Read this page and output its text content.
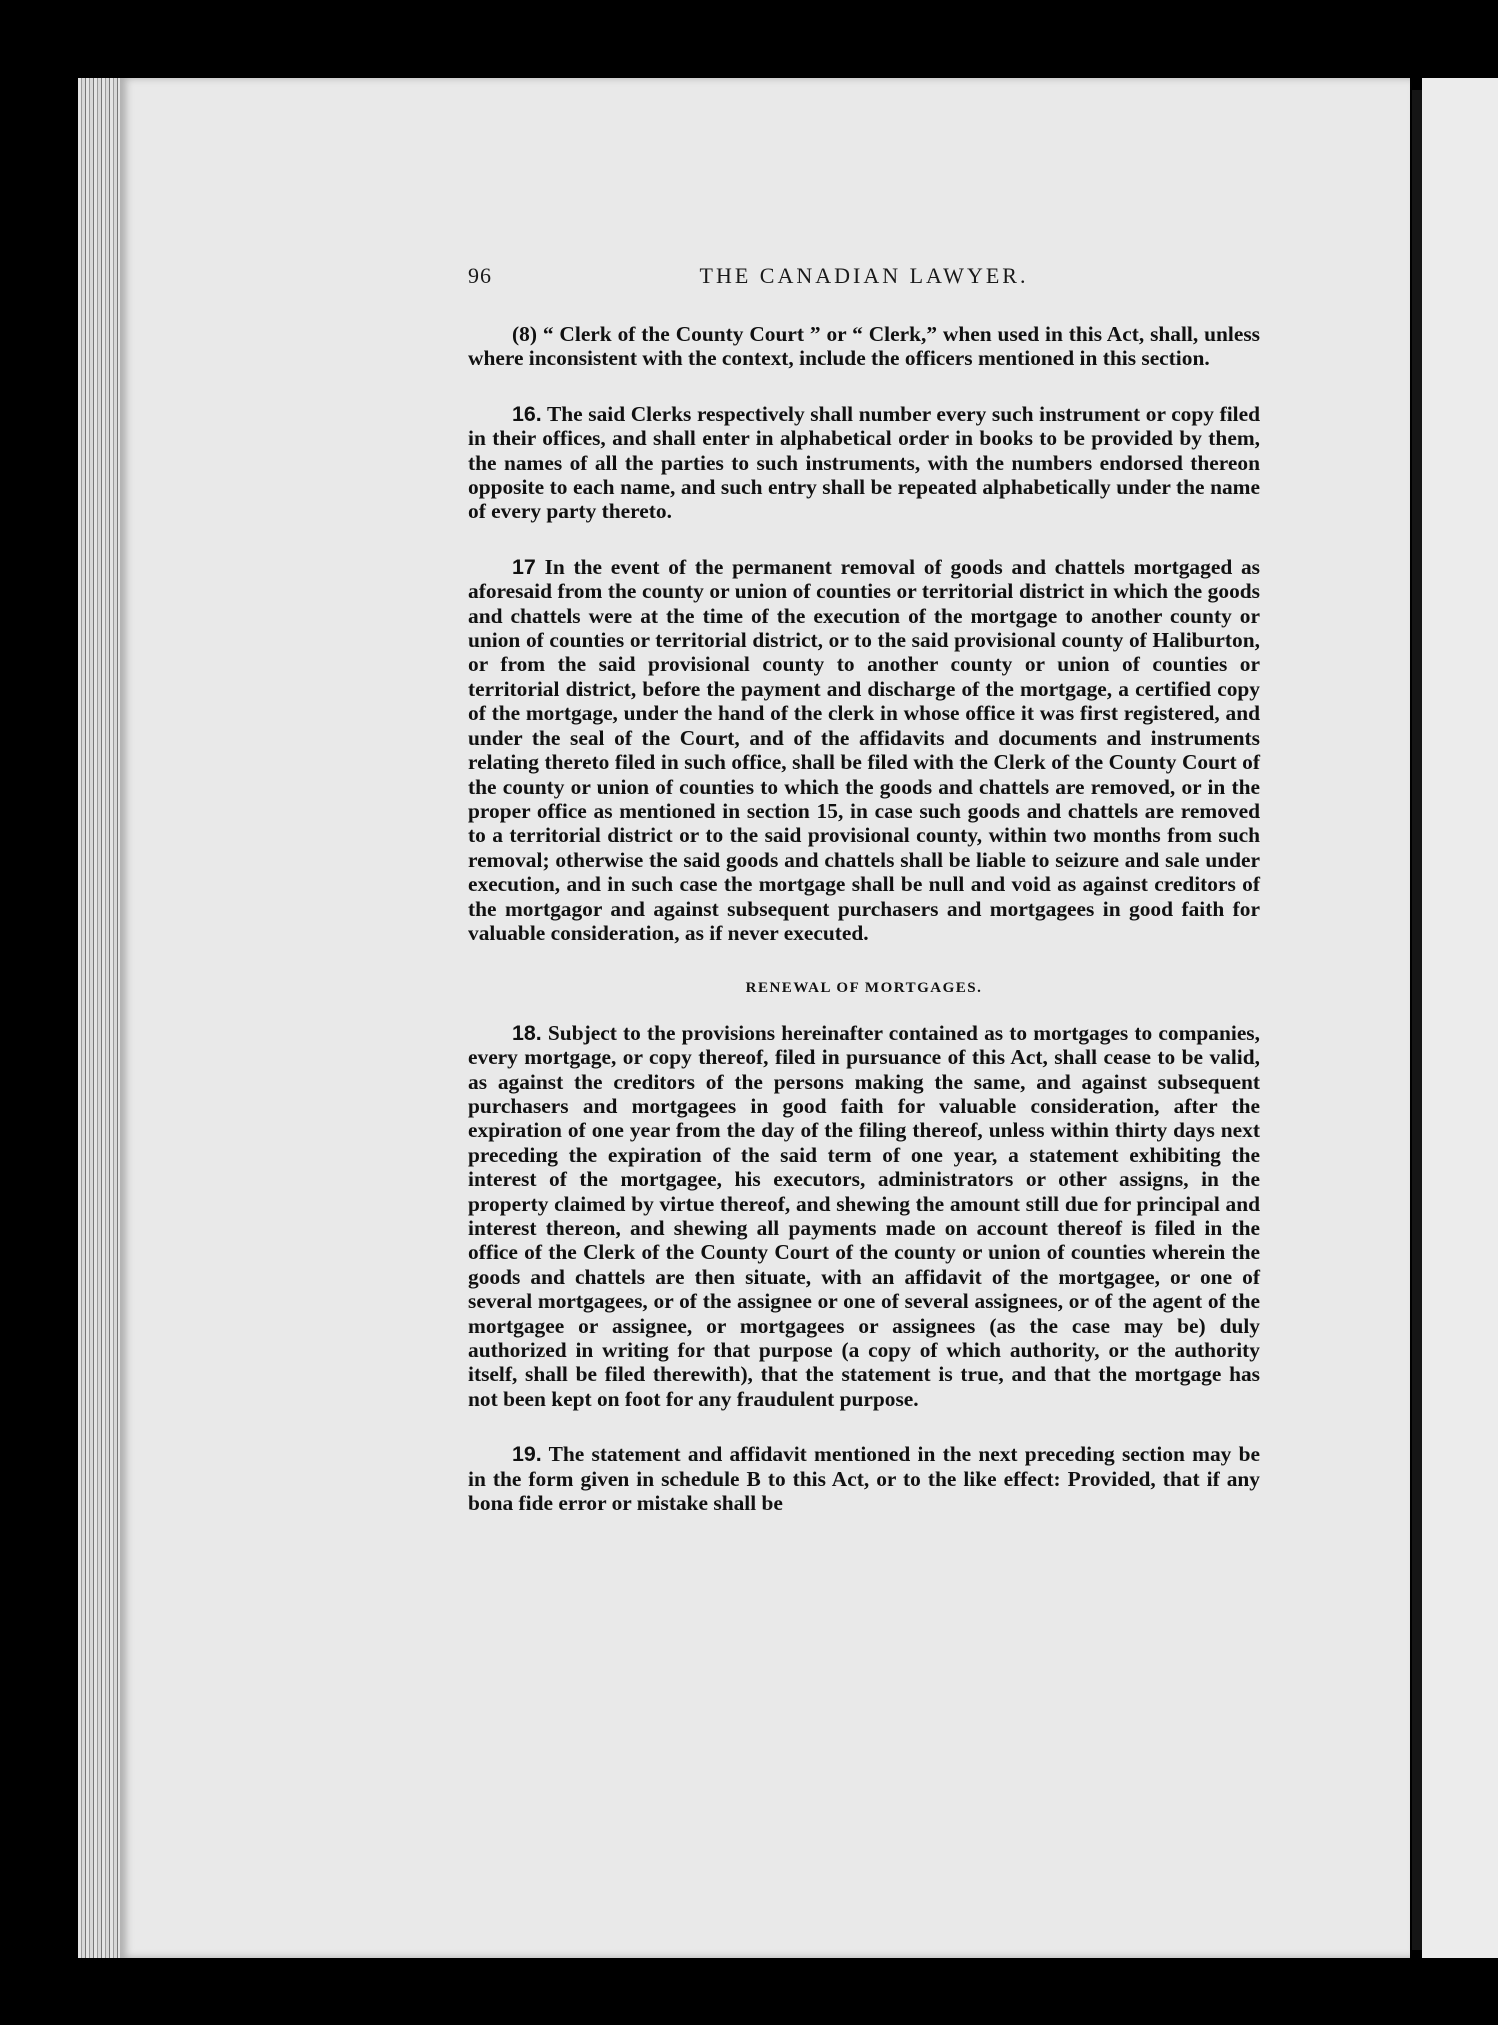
96	THE CANADIAN LAWYER.

(8) “ Clerk of the County Court ” or “ Clerk,” when used in this Act, shall, unless where inconsistent with the context, include the officers mentioned in this section.

16. The said Clerks respectively shall number every such instrument or copy filed in their offices, and shall enter in alphabetical order in books to be provided by them, the names of all the parties to such instruments, with the numbers endorsed thereon opposite to each name, and such entry shall be repeated alphabetically under the name of every party thereto.

17 In the event of the permanent removal of goods and chattels mortgaged as aforesaid from the county or union of counties or territorial district in which the goods and chattels were at the time of the execution of the mortgage to another county or union of counties or territorial district, or to the said provisional county of Haliburton, or from the said provisional county to another county or union of counties or territorial district, before the payment and discharge of the mortgage, a certified copy of the mortgage, under the hand of the clerk in whose office it was first registered, and under the seal of the Court, and of the affidavits and documents and instruments relating thereto filed in such office, shall be filed with the Clerk of the County Court of the county or union of counties to which the goods and chattels are removed, or in the proper office as mentioned in section 15, in case such goods and chattels are removed to a territorial district or to the said provisional county, within two months from such removal; otherwise the said goods and chattels shall be liable to seizure and sale under execution, and in such case the mortgage shall be null and void as against creditors of the mortgagor and against subsequent purchasers and mortgagees in good faith for valuable consideration, as if never executed.

RENEWAL OF MORTGAGES.

18. Subject to the provisions hereinafter contained as to mortgages to companies, every mortgage, or copy thereof, filed in pursuance of this Act, shall cease to be valid, as against the creditors of the persons making the same, and against subsequent purchasers and mortgagees in good faith for valuable consideration, after the expiration of one year from the day of the filing thereof, unless within thirty days next preceding the expiration of the said term of one year, a statement exhibiting the interest of the mortgagee, his executors, administrators or other assigns, in the property claimed by virtue thereof, and shewing the amount still due for principal and interest thereon, and shewing all payments made on account thereof is filed in the office of the Clerk of the County Court of the county or union of counties wherein the goods and chattels are then situate, with an affidavit of the mortgagee, or one of several mortgagees, or of the assignee or one of several assignees, or of the agent of the mortgagee or assignee, or mortgagees or assignees (as the case may be) duly authorized in writing for that purpose (a copy of which authority, or the authority itself, shall be filed therewith), that the statement is true, and that the mortgage has not been kept on foot for any fraudulent purpose.

19. The statement and affidavit mentioned in the next preceding section may be in the form given in schedule B to this Act, or to the like effect: Provided, that if any bona fide error or mistake shall be
